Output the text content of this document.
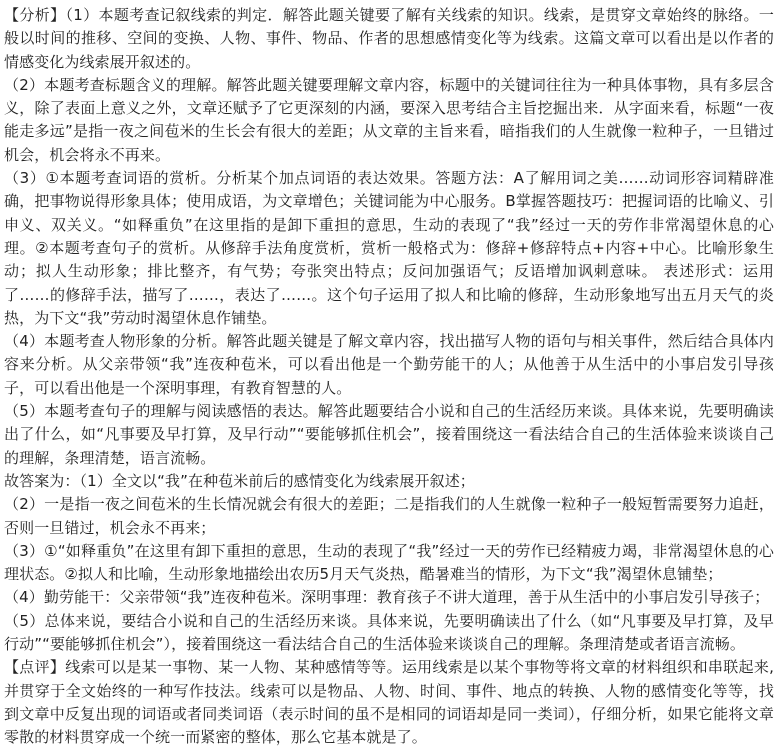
【分析】（1）本题考查记叙线索的判定．解答此题关键要了解有关线索的知识。线索，是贯穿文章始终的脉络。一般以时间的推移、空间的变换、人物、事件、物品、作者的思想感情变化等为线索。这篇文章可以看出是以作者的情感变化为线索展开叙述的。

（2）本题考查标题含义的理解。解答此题关键要理解文章内容，标题中的关键词往往为一种具体事物，具有多层含义，除了表面上意义之外，文章还赋予了它更深刻的内涵，要深入思考结合主旨挖掘出来．从字面来看，标题“一夜能走多远”是指一夜之间苞米的生长会有很大的差距；从文章的主旨来看，暗指我们的人生就像一粒种子，一旦错过机会，机会将永不再来。

（3）①本题考查词语的赏析。分析某个加点词语的表达效果。答题方法：A了解用词之美……动词形容词精辟准确，把事物说得形象具体；使用成语，为文章增色；关键词能为中心服务。B掌握答题技巧：把握词语的比喻义、引申义、双关义。“如释重负”在这里指的是卸下重担的意思，生动的表现了“我”经过一天的劳作非常渴望休息的心理。②本题考查句子的赏析。从修辞手法角度赏析，赏析一般格式为：修辞+修辞特点+内容+中心。比喻形象生动；拟人生动形象；排比整齐，有气势；夸张突出特点；反问加强语气；反语增加讽刺意味。 表述形式：运用了……的修辞手法，描写了……，表达了……。这个句子运用了拟人和比喻的修辞，生动形象地写出五月天气的炎热，为下文“我”劳动时渴望休息作铺垫。

（4）本题考查人物形象的分析。解答此题关键是了解文章内容，找出描写人物的语句与相关事件，然后结合具体内容来分析。从父亲带领“我”连夜种苞米，可以看出他是一个勤劳能干的人；从他善于从生活中的小事启发引导孩子，可以看出他是一个深明事理，有教育智慧的人。

（5）本题考查句子的理解与阅读感悟的表达。解答此题要结合小说和自己的生活经历来谈。具体来说，先要明确读出了什么，如“凡事要及早打算，及早行动”“要能够抓住机会”，接着围绕这一看法结合自己的生活体验来谈谈自己的理解，条理清楚，语言流畅。

故答案为：（1）全文以“我”在种苞米前后的感情变化为线索展开叙述；

（2）一是指一夜之间苞米的生长情况就会有很大的差距；二是指我们的人生就像一粒种子一般短暂需要努力追赶，否则一旦错过，机会永不再来；

（3）①“如释重负”在这里有卸下重担的意思，生动的表现了“我”经过一天的劳作已经精疲力竭，非常渴望休息的心理状态。②拟人和比喻，生动形象地描绘出农历5月天气炎热，酷暑难当的情形，为下文“我”渴望休息铺垫；

（4）勤劳能干：父亲带领“我”连夜种苞米。深明事理：教育孩子不讲大道理，善于从生活中的小事启发引导孩子；

（5）总体来说，要结合小说和自己的生活经历来谈。具体来说，先要明确读出了什么（如“凡事要及早打算，及早行动”“要能够抓住机会”），接着围绕这一看法结合自己的生活体验来谈谈自己的理解。条理清楚或者语言流畅。

【点评】线索可以是某一事物、某一人物、某种感情等等。运用线索是以某个事物等将文章的材料组织和串联起来,并贯穿于全文始终的一种写作技法。线索可以是物品、人物、时间、事件、地点的转换、人物的感情变化等等，找到文章中反复出现的词语或者同类词语（表示时间的虽不是相同的词语却是同一类词），仔细分析，如果它能将文章零散的材料贯穿成一个统一而紧密的整体，那么它基本就是了。
